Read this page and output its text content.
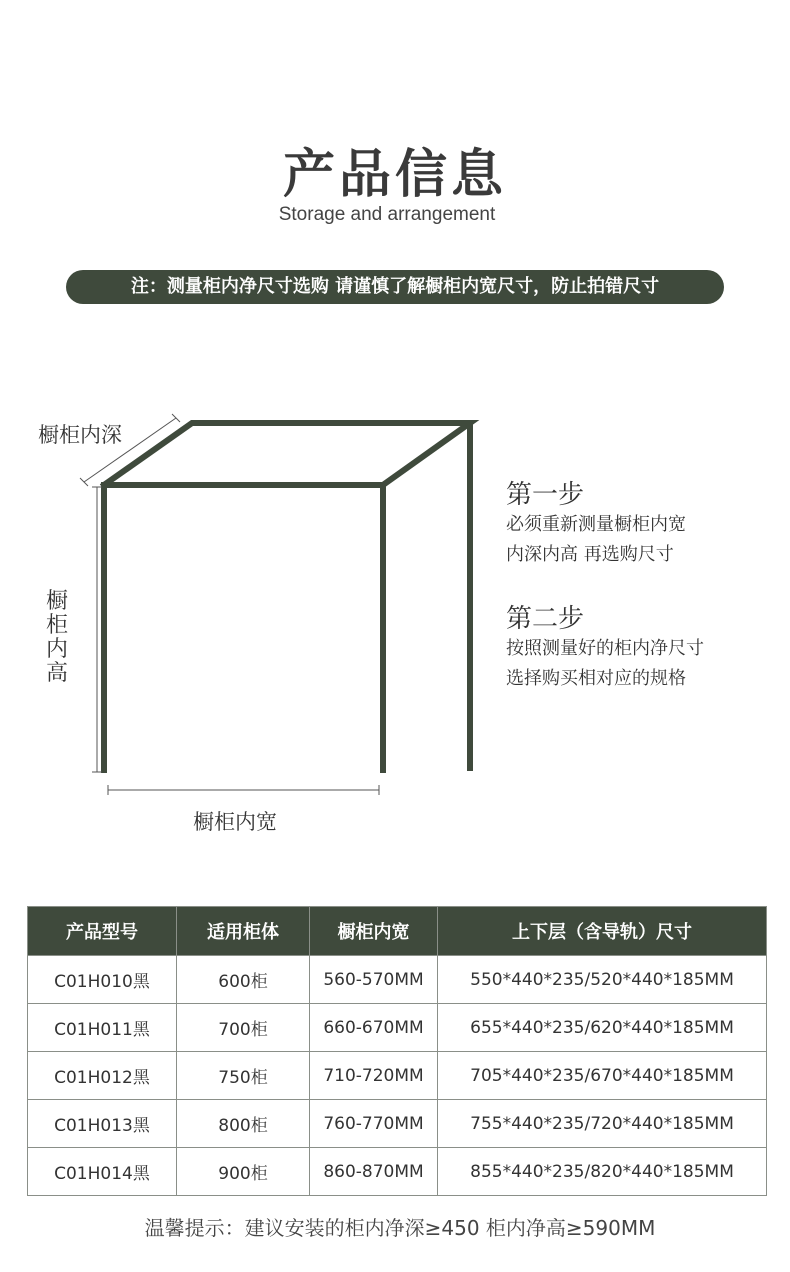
产品信息
Storage and arrangement
注：测量柜内净尺寸选购 请谨慎了解橱柜内宽尺寸，防止拍错尺寸
橱柜内深
橱柜内高
橱柜内宽
第一步
必须重新测量橱柜内宽
内深内高 再选购尺寸
第二步
按照测量好的柜内净尺寸
选择购买相对应的规格
产品型号	适用柜体	橱柜内宽	上下层（含导轨）尺寸
C01H010黑	600柜	560-570MM	550*440*235/520*440*185MM
C01H011黑	700柜	660-670MM	655*440*235/620*440*185MM
C01H012黑	750柜	710-720MM	705*440*235/670*440*185MM
C01H013黑	800柜	760-770MM	755*440*235/720*440*185MM
C01H014黑	900柜	860-870MM	855*440*235/820*440*185MM
温馨提示：建议安装的柜内净深≥450 柜内净高≥590MM
